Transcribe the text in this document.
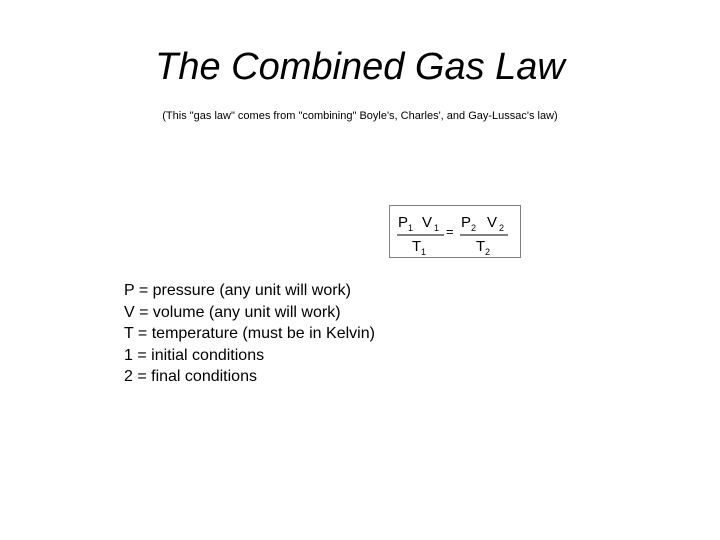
The Combined Gas Law
(This "gas law" comes from "combining" Boyle's, Charles', and Gay-Lussac's law)
P 1 V 1
T 1
=
P 2 V 2
T 2
P = pressure (any unit will work)
V = volume (any unit will work)
T = temperature (must be in Kelvin)
1 = initial conditions
2 = final conditions
